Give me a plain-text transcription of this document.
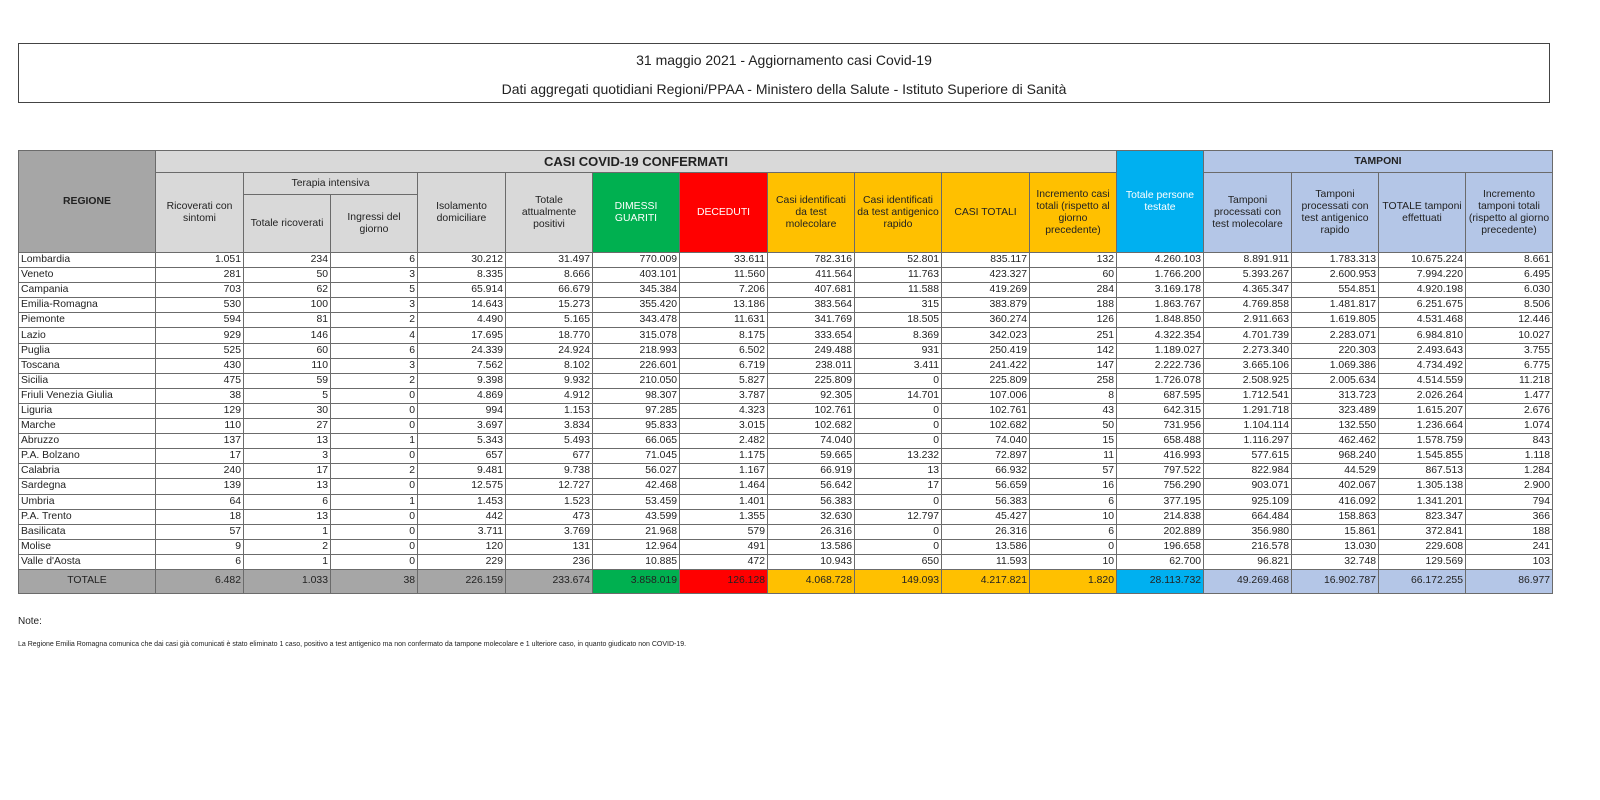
31 maggio 2021 - Aggiornamento casi Covid-19
Dati aggregati quotidiani Regioni/PPAA - Ministero della Salute - Istituto Superiore di Sanità
REGIONE	CASI COVID-19 CONFERMATI											Totale persone testate	TAMPONI			
	Ricoverati con sintomi	Terapia intensiva		Isolamento domiciliare	Totale attualmente positivi	DIMESSI GUARITI	DECEDUTI	Casi identificati da test molecolare	Casi identificati da test antigenico rapido	CASI TOTALI	Incremento casi totali (rispetto al giorno precedente)		Tamponi processati con test molecolare	Tamponi processati con test antigenico rapido	TOTALE tamponi effettuati	Incremento tamponi totali (rispetto al giorno precedente)
		Totale ricoverati	Ingressi del giorno													
Lombardia	1.051	234	6	30.212	31.497	770.009	33.611	782.316	52.801	835.117	132	4.260.103	8.891.911	1.783.313	10.675.224	8.661
Veneto	281	50	3	8.335	8.666	403.101	11.560	411.564	11.763	423.327	60	1.766.200	5.393.267	2.600.953	7.994.220	6.495
Campania	703	62	5	65.914	66.679	345.384	7.206	407.681	11.588	419.269	284	3.169.178	4.365.347	554.851	4.920.198	6.030
Emilia-Romagna	530	100	3	14.643	15.273	355.420	13.186	383.564	315	383.879	188	1.863.767	4.769.858	1.481.817	6.251.675	8.506
Piemonte	594	81	2	4.490	5.165	343.478	11.631	341.769	18.505	360.274	126	1.848.850	2.911.663	1.619.805	4.531.468	12.446
Lazio	929	146	4	17.695	18.770	315.078	8.175	333.654	8.369	342.023	251	4.322.354	4.701.739	2.283.071	6.984.810	10.027
Puglia	525	60	6	24.339	24.924	218.993	6.502	249.488	931	250.419	142	1.189.027	2.273.340	220.303	2.493.643	3.755
Toscana	430	110	3	7.562	8.102	226.601	6.719	238.011	3.411	241.422	147	2.222.736	3.665.106	1.069.386	4.734.492	6.775
Sicilia	475	59	2	9.398	9.932	210.050	5.827	225.809	0	225.809	258	1.726.078	2.508.925	2.005.634	4.514.559	11.218
Friuli Venezia Giulia	38	5	0	4.869	4.912	98.307	3.787	92.305	14.701	107.006	8	687.595	1.712.541	313.723	2.026.264	1.477
Liguria	129	30	0	994	1.153	97.285	4.323	102.761	0	102.761	43	642.315	1.291.718	323.489	1.615.207	2.676
Marche	110	27	0	3.697	3.834	95.833	3.015	102.682	0	102.682	50	731.956	1.104.114	132.550	1.236.664	1.074
Abruzzo	137	13	1	5.343	5.493	66.065	2.482	74.040	0	74.040	15	658.488	1.116.297	462.462	1.578.759	843
P.A. Bolzano	17	3	0	657	677	71.045	1.175	59.665	13.232	72.897	11	416.993	577.615	968.240	1.545.855	1.118
Calabria	240	17	2	9.481	9.738	56.027	1.167	66.919	13	66.932	57	797.522	822.984	44.529	867.513	1.284
Sardegna	139	13	0	12.575	12.727	42.468	1.464	56.642	17	56.659	16	756.290	903.071	402.067	1.305.138	2.900
Umbria	64	6	1	1.453	1.523	53.459	1.401	56.383	0	56.383	6	377.195	925.109	416.092	1.341.201	794
P.A. Trento	18	13	0	442	473	43.599	1.355	32.630	12.797	45.427	10	214.838	664.484	158.863	823.347	366
Basilicata	57	1	0	3.711	3.769	21.968	579	26.316	0	26.316	6	202.889	356.980	15.861	372.841	188
Molise	9	2	0	120	131	12.964	491	13.586	0	13.586	0	196.658	216.578	13.030	229.608	241
Valle d'Aosta	6	1	0	229	236	10.885	472	10.943	650	11.593	10	62.700	96.821	32.748	129.569	103
TOTALE	6.482	1.033	38	226.159	233.674	3.858.019	126.128	4.068.728	149.093	4.217.821	1.820	28.113.732	49.269.468	16.902.787	66.172.255	86.977
Note:
La Regione Emilia Romagna comunica che dai casi già comunicati è stato eliminato 1 caso, positivo a test antigenico ma non confermato da tampone molecolare e 1 ulteriore caso, in quanto giudicato non COVID-19.
